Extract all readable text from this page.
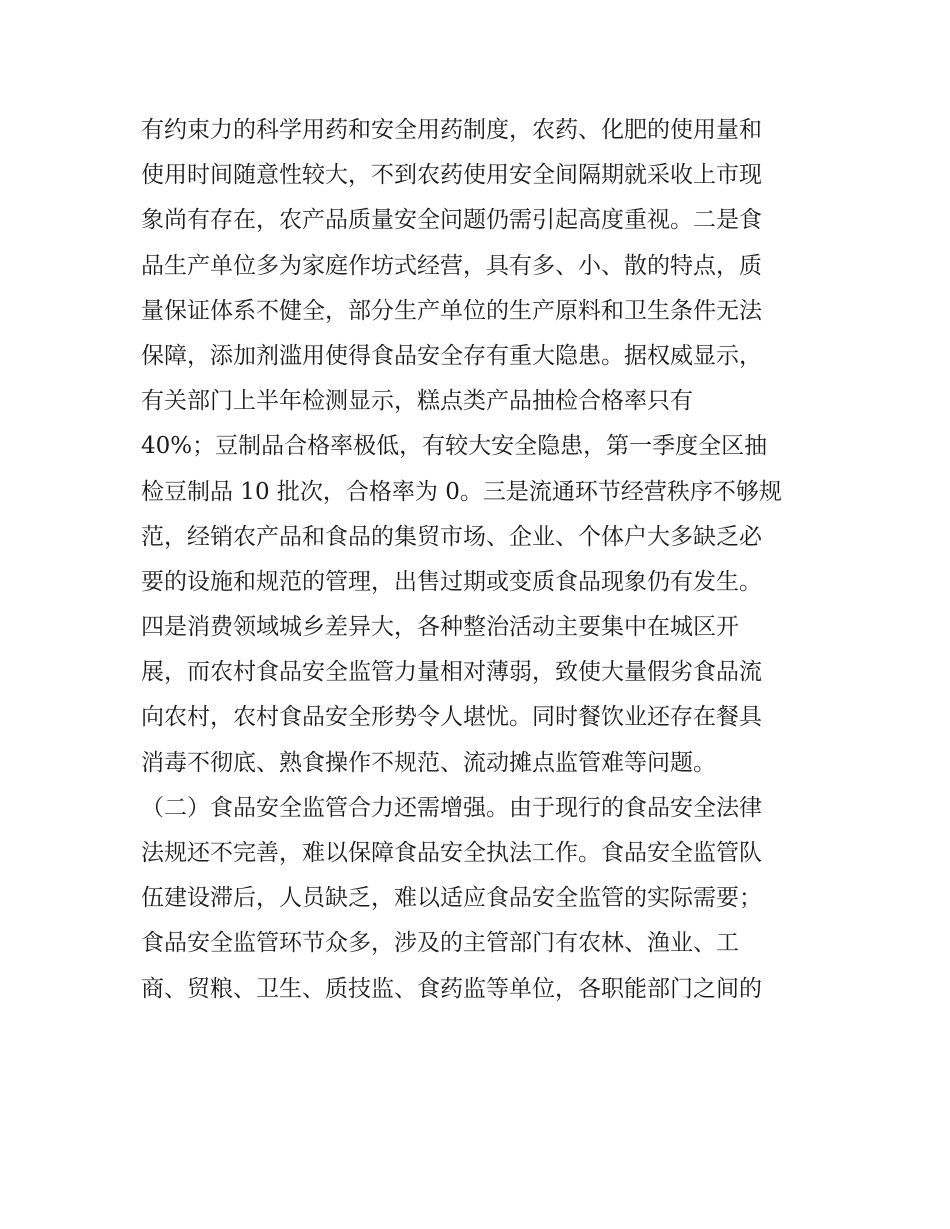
有约束力的科学用药和安全用药制度，农药、化肥的使用量和
使用时间随意性较大，不到农药使用安全间隔期就采收上市现
象尚有存在，农产品质量安全问题仍需引起高度重视。二是食
品生产单位多为家庭作坊式经营，具有多、小、散的特点，质
量保证体系不健全，部分生产单位的生产原料和卫生条件无法
保障，添加剂滥用使得食品安全存有重大隐患。据权威显示，
有关部门上半年检测显示，糕点类产品抽检合格率只有
40%；豆制品合格率极低，有较大安全隐患，第一季度全区抽
检豆制品 10 批次，合格率为 0。三是流通环节经营秩序不够规
范，经销农产品和食品的集贸市场、企业、个体户大多缺乏必
要的设施和规范的管理，出售过期或变质食品现象仍有发生。
四是消费领域城乡差异大，各种整治活动主要集中在城区开
展，而农村食品安全监管力量相对薄弱，致使大量假劣食品流
向农村，农村食品安全形势令人堪忧。同时餐饮业还存在餐具
消毒不彻底、熟食操作不规范、流动摊点监管难等问题。
（二）食品安全监管合力还需增强。由于现行的食品安全法律
法规还不完善，难以保障食品安全执法工作。食品安全监管队
伍建设滞后，人员缺乏，难以适应食品安全监管的实际需要；
食品安全监管环节众多，涉及的主管部门有农林、渔业、工
商、贸粮、卫生、质技监、食药监等单位，各职能部门之间的
